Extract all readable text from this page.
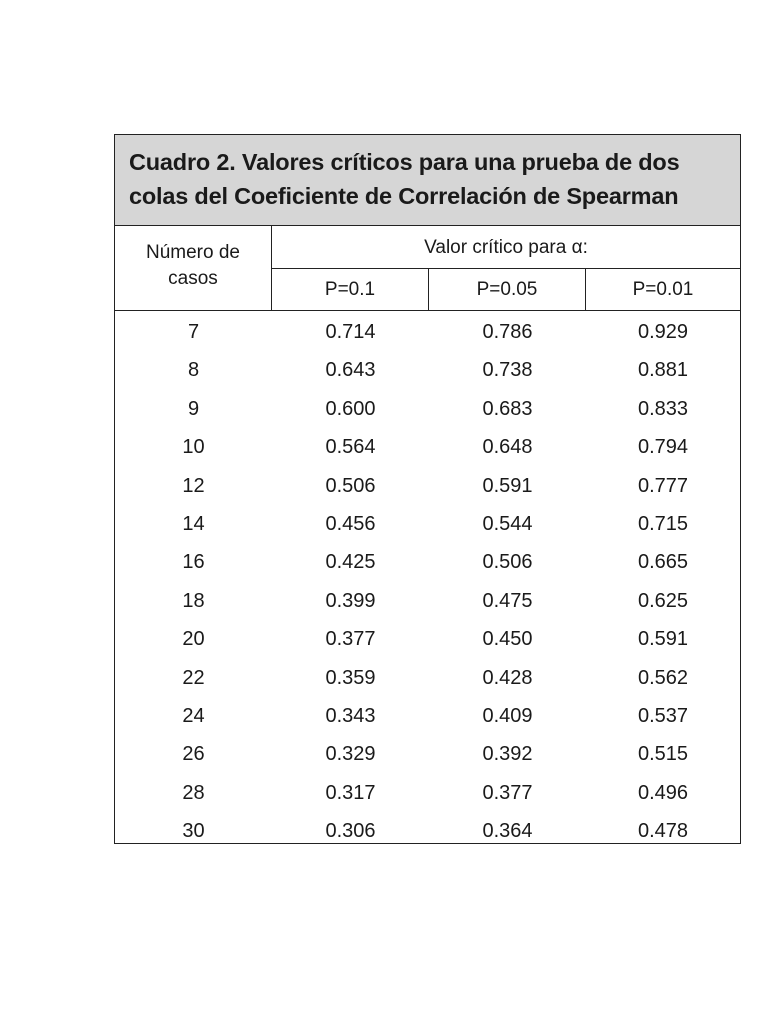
Cuadro 2. Valores críticos para una prueba de dos
colas del Coeficiente de Correlación de Spearman
Número de
casos
Valor crítico para α:
P=0.1	P=0.05	P=0.01
7	0.714	0.786	0.929
8	0.643	0.738	0.881
9	0.600	0.683	0.833
10	0.564	0.648	0.794
12	0.506	0.591	0.777
14	0.456	0.544	0.715
16	0.425	0.506	0.665
18	0.399	0.475	0.625
20	0.377	0.450	0.591
22	0.359	0.428	0.562
24	0.343	0.409	0.537
26	0.329	0.392	0.515
28	0.317	0.377	0.496
30	0.306	0.364	0.478
